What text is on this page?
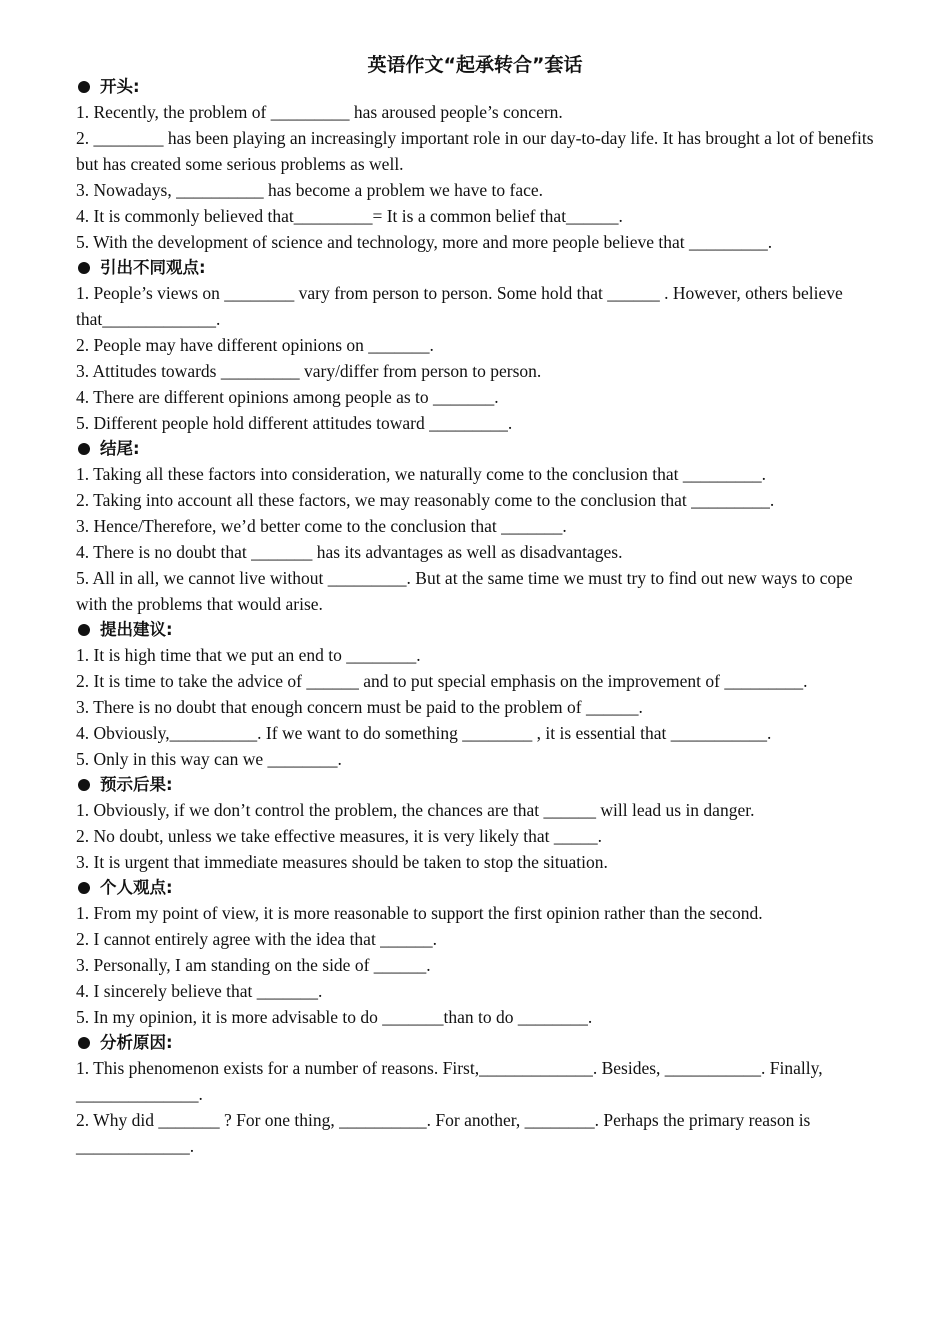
英语作文“起承转合”套话
开头:
1. Recently, the problem of _________ has aroused people’s concern.
2. ________ has been playing an increasingly important role in our day-to-day life. It has brought a lot of benefits but has created some serious problems as well.
3. Nowadays, __________ has become a problem we have to face.
4. It is commonly believed that_________= It is a common belief that______.
5. With the development of science and technology, more and more people believe that _________.
引出不同观点:
1. People’s views on ________ vary from person to person. Some hold that ______ . However, others believe that_____________.
2. People may have different opinions on _______.
3. Attitudes towards _________ vary/differ from person to person.
4. There are different opinions among people as to _______.
5. Different people hold different attitudes toward _________.
结尾:
1. Taking all these factors into consideration, we naturally come to the conclusion that _________.
2. Taking into account all these factors, we may reasonably come to the conclusion that _________.
3. Hence/Therefore, we’d better come to the conclusion that _______.
4. There is no doubt that _______ has its advantages as well as disadvantages.
5. All in all, we cannot live without _________. But at the same time we must try to find out new ways to cope with the problems that would arise.
提出建议:
1. It is high time that we put an end to ________.
2. It is time to take the advice of ______ and to put special emphasis on the improvement of _________.
3. There is no doubt that enough concern must be paid to the problem of ______.
4. Obviously,__________. If we want to do something ________ , it is essential that ___________.
5. Only in this way can we ________.
预示后果:
1. Obviously, if we don’t control the problem, the chances are that ______ will lead us in danger.
2. No doubt, unless we take effective measures, it is very likely that _____.
3. It is urgent that immediate measures should be taken to stop the situation.
个人观点:
1. From my point of view, it is more reasonable to support the first opinion rather than the second.
2. I cannot entirely agree with the idea that ______.
3. Personally, I am standing on the side of ______.
4. I sincerely believe that _______.
5. In my opinion, it is more advisable to do _______than to do ________.
分析原因:
1. This phenomenon exists for a number of reasons. First,_____________. Besides, ___________. Finally, ______________.
2. Why did _______ ? For one thing, __________. For another, ________. Perhaps the primary reason is _____________.
